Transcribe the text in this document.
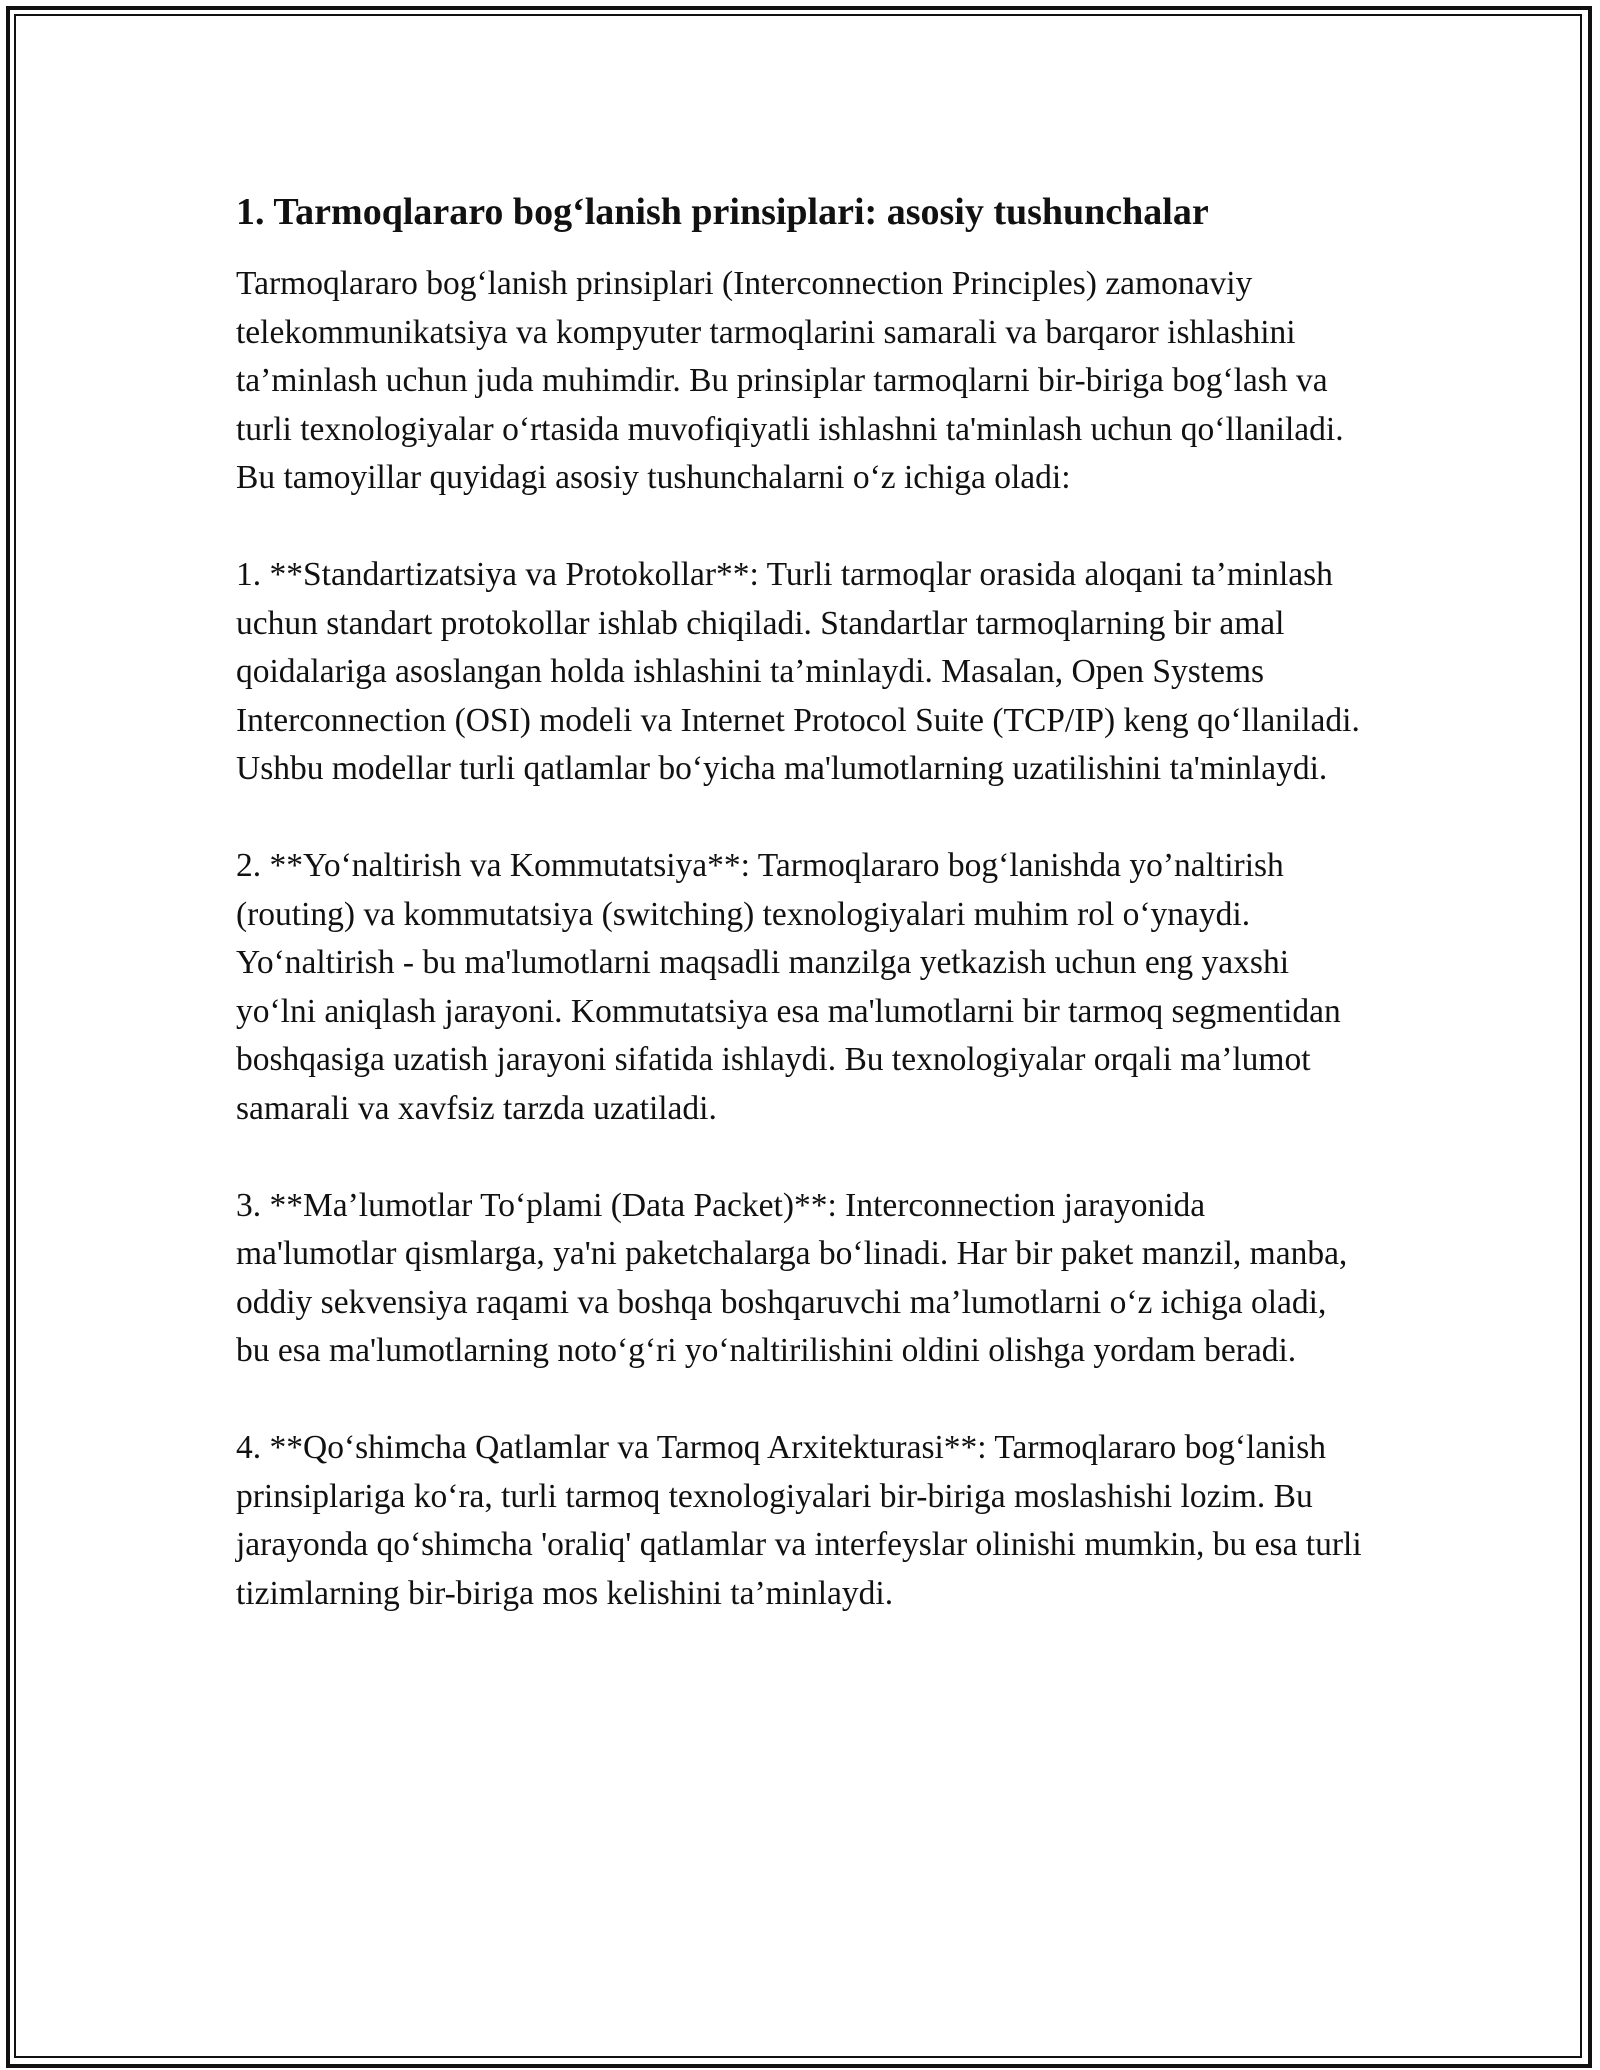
1. Tarmoqlararo bog‘lanish prinsiplari: asosiy tushunchalar

Tarmoqlararo bog‘lanish prinsiplari (Interconnection Principles) zamonaviy telekommunikatsiya va kompyuter tarmoqlarini samarali va barqaror ishlashini ta’minlash uchun juda muhimdir. Bu prinsiplar tarmoqlarni bir-biriga bog‘lash va turli texnologiyalar o‘rtasida muvofiqiyatli ishlashni ta'minlash uchun qo‘llaniladi. Bu tamoyillar quyidagi asosiy tushunchalarni o‘z ichiga oladi:

1. **Standartizatsiya va Protokollar**: Turli tarmoqlar orasida aloqani ta’minlash uchun standart protokollar ishlab chiqiladi. Standartlar tarmoqlarning bir amal qoidalariga asoslangan holda ishlashini ta’minlaydi. Masalan, Open Systems Interconnection (OSI) modeli va Internet Protocol Suite (TCP/IP) keng qo‘llaniladi. Ushbu modellar turli qatlamlar bo‘yicha ma'lumotlarning uzatilishini ta'minlaydi.

2. **Yo‘naltirish va Kommutatsiya**: Tarmoqlararo bog‘lanishda yo’naltirish (routing) va kommutatsiya (switching) texnologiyalari muhim rol o‘ynaydi. Yo‘naltirish - bu ma'lumotlarni maqsadli manzilga yetkazish uchun eng yaxshi yo‘lni aniqlash jarayoni. Kommutatsiya esa ma'lumotlarni bir tarmoq segmentidan boshqasiga uzatish jarayoni sifatida ishlaydi. Bu texnologiyalar orqali ma’lumot samarali va xavfsiz tarzda uzatiladi.

3. **Ma’lumotlar To‘plami (Data Packet)**: Interconnection jarayonida ma'lumotlar qismlarga, ya'ni paketchalarga bo‘linadi. Har bir paket manzil, manba, oddiy sekvensiya raqami va boshqa boshqaruvchi ma’lumotlarni o‘z ichiga oladi, bu esa ma'lumotlarning noto‘g‘ri yo‘naltirilishini oldini olishga yordam beradi.

4. **Qo‘shimcha Qatlamlar va Tarmoq Arxitekturasi**: Tarmoqlararo bog‘lanish prinsiplariga ko‘ra, turli tarmoq texnologiyalari bir-biriga moslashishi lozim. Bu jarayonda qo‘shimcha 'oraliq' qatlamlar va interfeyslar olinishi mumkin, bu esa turli tizimlarning bir-biriga mos kelishini ta’minlaydi.
